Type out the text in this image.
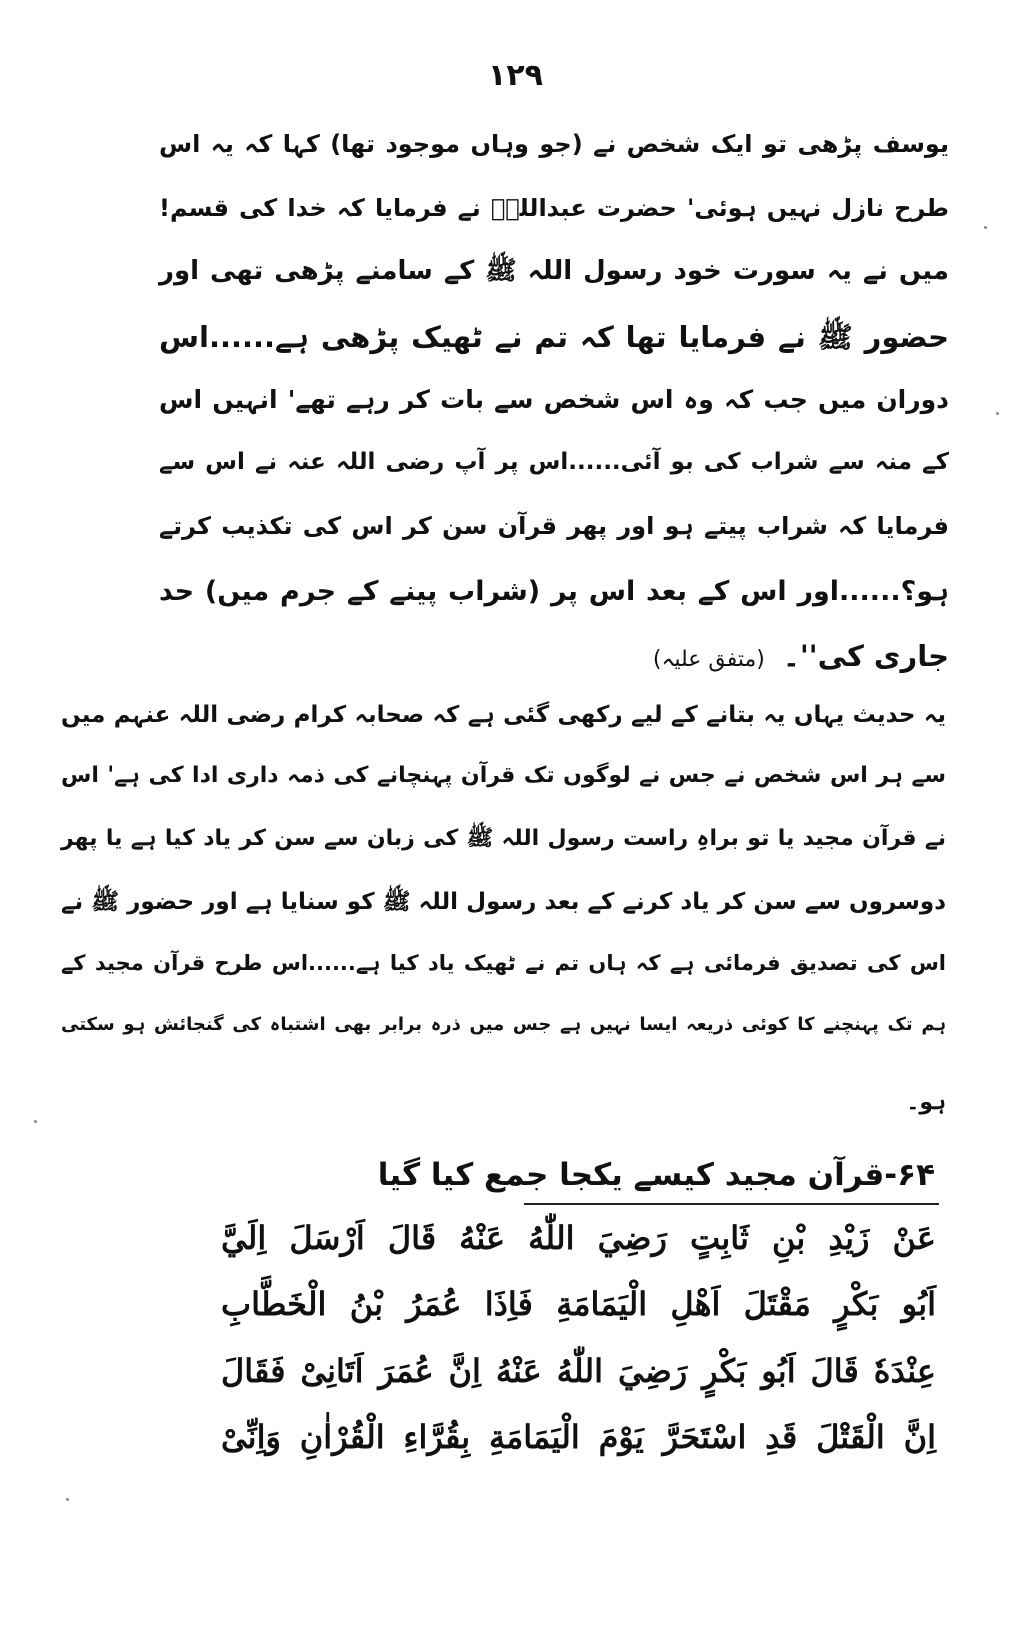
۱۲۹
یوسف پڑھی تو ایک شخص نے (جو وہاں موجود تھا) کہا کہ یہ اس
طرح نازل نہیں ہوئی' حضرت عبداللہؓ نے فرمایا کہ خدا کی قسم!
میں نے یہ سورت خود رسول اللہ ﷺ کے سامنے پڑھی تھی اور
حضور ﷺ نے فرمایا تھا کہ تم نے ٹھیک پڑھی ہے......اس
دوران میں جب کہ وہ اس شخص سے بات کر رہے تھے' انہیں اس
کے منہ سے شراب کی بو آئی......اس پر آپ رضی اللہ عنہ نے اس سے
فرمایا کہ شراب پیتے ہو اور پھر قرآن سن کر اس کی تکذیب کرتے
ہو؟......اور اس کے بعد اس پر (شراب پینے کے جرم میں) حد
جاری کی''۔(متفق علیہ)
یہ حدیث یہاں یہ بتانے کے لیے رکھی گئی ہے کہ صحابہ کرام رضی اللہ عنہم میں
سے ہر اس شخص نے جس نے لوگوں تک قرآن پہنچانے کی ذمہ داری ادا کی ہے' اس
نے قرآن مجید یا تو براہِ راست رسول اللہ ﷺ کی زبان سے سن کر یاد کیا ہے یا پھر
دوسروں سے سن کر یاد کرنے کے بعد رسول اللہ ﷺ کو سنایا ہے اور حضور ﷺ نے
اس کی تصدیق فرمائی ہے کہ ہاں تم نے ٹھیک یاد کیا ہے......اس طرح قرآن مجید کے
ہم تک پہنچنے کا کوئی ذریعہ ایسا نہیں ہے جس میں ذرہ برابر بھی اشتباہ کی گنجائش ہو سکتی
ہو۔
۶۴-قرآن مجید کیسے یکجا جمع کیا گیا
عَنْ زَيْدِ بْنِ ثَابِتٍ رَضِيَ اللّٰهُ عَنْهُ قَالَ اَرْسَلَ اِلَيَّ
اَبُو بَكْرٍ مَقْتَلَ اَهْلِ الْيَمَامَةِ فَاِذَا عُمَرُ بْنُ الْخَطَّابِ
عِنْدَهٗ قَالَ اَبُو بَكْرٍ رَضِيَ اللّٰهُ عَنْهُ اِنَّ عُمَرَ اَتَانِىْ فَقَالَ
اِنَّ الْقَتْلَ قَدِ اسْتَحَرَّ يَوْمَ الْيَمَامَةِ بِقُرَّاءِ الْقُرْاٰنِ وَاِنِّىْ
